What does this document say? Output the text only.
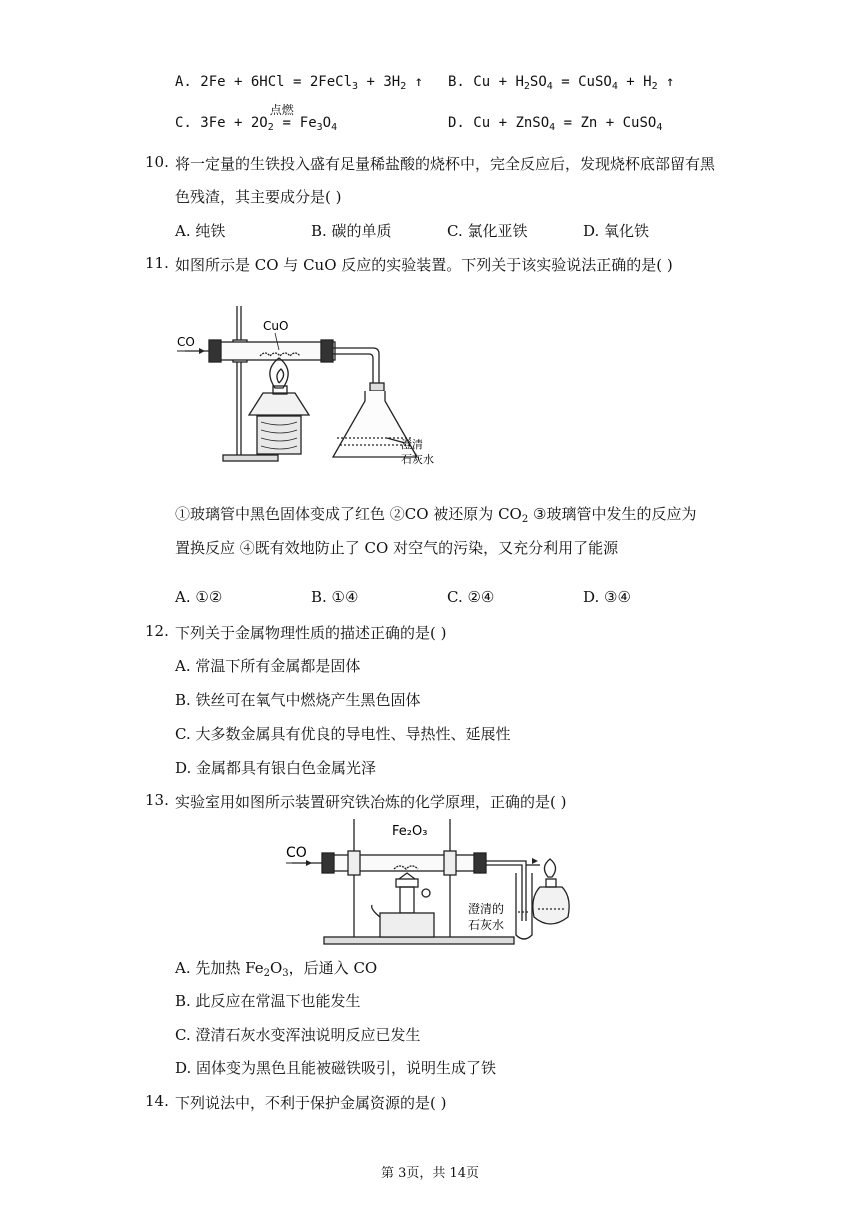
A. 2Fe + 6HCl = 2FeCl$_3$ + $3H_2$ ↑ B. $Cu + H_2SO_4$ = CuSO$_4$ + $H_2$ ↑
C. $3Fe + 2O_2$
点燃
= $Fe_3O_4$	D. Cu + ZnSO$_4$ = Zn + CuSO$_4$
10. 将一定量的生铁投入盛有足量稀盐酸的烧杯中，完全反应后，发现烧杯底部留有黑
色残渣，其主要成分是( )
A. 纯铁	B. 碳的单质	C. 氯化亚铁	D. 氧化铁
11. 如图所示是 CO 与 CuO 反应的实验装置。下列关于该实验说法正确的是( )
CO
CuO
澄清
石灰水
①玻璃管中黑色固体变成了红色 ②CO 被还原为 $CO_2$ ③玻璃管中发生的反应为
置换反应 ④既有效地防止了 CO 对空气的污染，又充分利用了能源
A. ①②	B. ①④	C. ②④	D. ③④
12. 下列关于金属物理性质的描述正确的是( )
A. 常温下所有金属都是固体
B. 铁丝可在氧气中燃烧产生黑色固体
C. 大多数金属具有优良的导电性、导热性、延展性
D. 金属都具有银白色金属光泽
13. 实验室用如图所示装置研究铁冶炼的化学原理，正确的是( )
CO
Fe₂O₃
澄清的
石灰水
A. 先加热 $Fe_2O_3$，后通入 CO
B. 此反应在常温下也能发生
C. 澄清石灰水变浑浊说明反应已发生
D. 固体变为黑色且能被磁铁吸引，说明生成了铁
14. 下列说法中，不利于保护金属资源的是( )
第 3页，共 14页
